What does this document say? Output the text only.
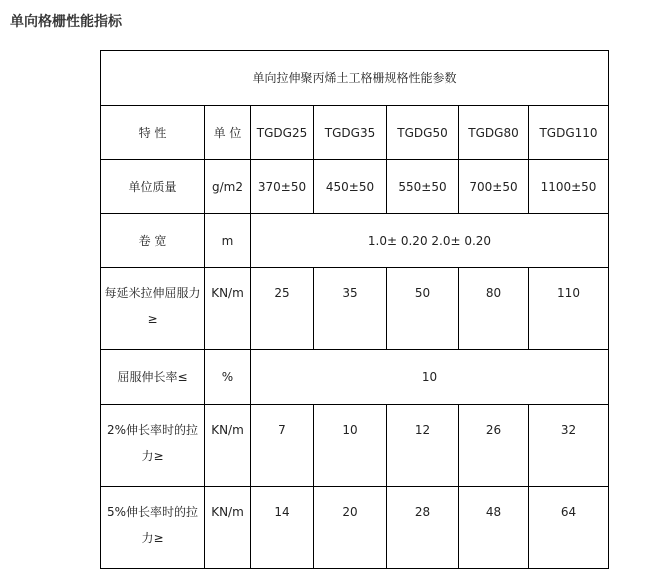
单向格栅性能指标
单向拉伸聚丙烯土工格栅规格性能参数						
特 性	单 位	TGDG25	TGDG35	TGDG50	TGDG80	TGDG110
单位质量	g/m2	370±50	450±50	550±50	700±50	1100±50
卷 宽	m	1.0± 0.20 2.0± 0.20				
每延米拉伸屈服力≥	KN/m	25	35	50	80	110
屈服伸长率≤	%	10				
2%伸长率时的拉力≥	KN/m	7	10	12	26	32
5%伸长率时的拉力≥	KN/m	14	20	28	48	64
